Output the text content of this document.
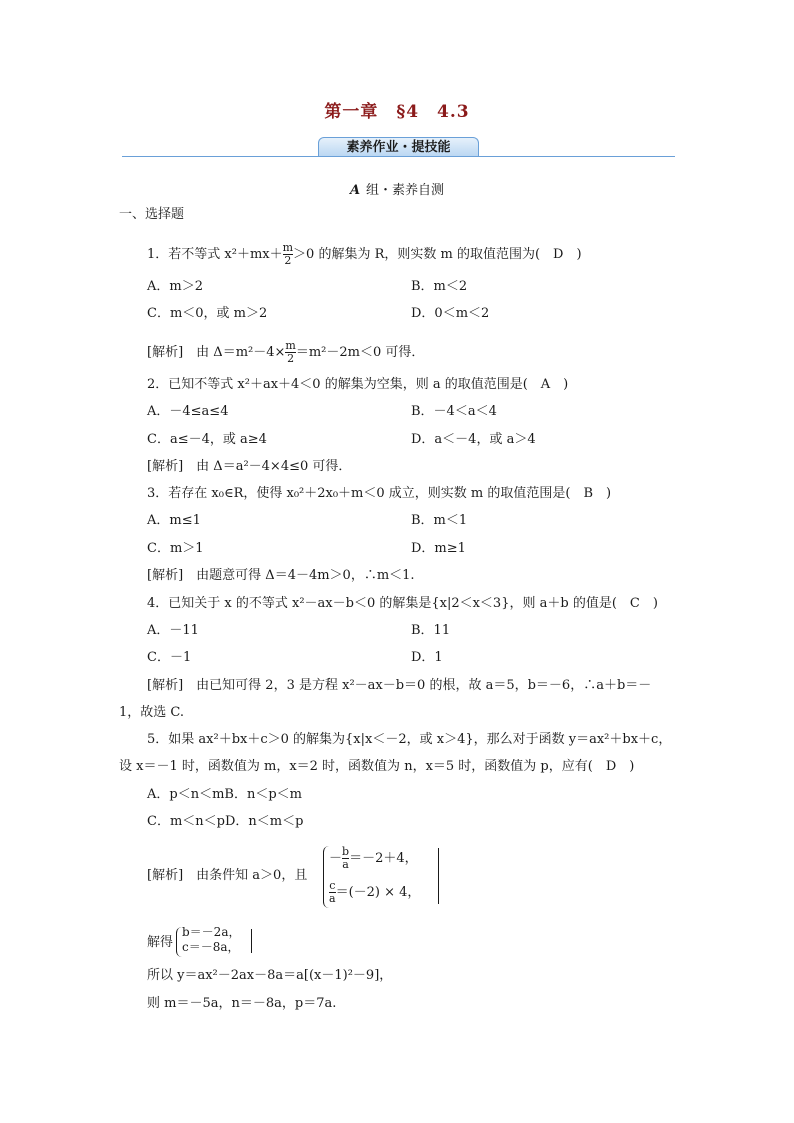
第一章　§4　4.3
素养作业・提技能
A 组・素养自测
一、选择题
1．若不等式 $x^2+mx+ \frac{m}{2} >0$ 的解集为 R，则实数 m 的取值范围为(　D　)
A．m＞2	B．m＜2
C．m＜0，或 m＞2	D．0＜m＜2
[解析]　 由 $\Delta=m^2-4\times \frac{m}{2} =m^2-2m<0$ 可得．
2．已知不等式 x²＋ax＋4＜0 的解集为空集，则 a 的取值范围是(　A　)
A．－4≤a≤4	B．－4＜a＜4
C．a≤－4，或 a≥4	D．a＜－4，或 a＞4
[解析]　 由 Δ＝a²－4×4≤0 可得．
3．若存在 x₀∈R，使得 x₀²＋2x₀＋m＜0 成立，则实数 m 的取值范围是(　B　)
A．m≤1	B．m＜1
C．m＞1	D．m≥1
[解析]　 由题意可得 Δ＝4－4m＞0，∴m＜1.
4．已知关于 x 的不等式 x²－ax－b＜0 的解集是{x|2＜x＜3}，则 a＋b 的值是(　C　)
A．－11	B．11
C．－1	D．1
[解析]　 由已知可得 2，3 是方程 x²－ax－b＝0 的根，故 a＝5，b＝－6，∴a＋b＝－
1，故选 C.
5．如果 ax²＋bx＋c＞0 的解集为{x|x＜－2，或 x＞4}，那么对于函数 y＝ax²＋bx＋c，
设 x＝－1 时，函数值为 m，x＝2 时，函数值为 n，x＝5 时，函数值为 p，应有(　D　)
A．p＜n＜mB．n＜p＜m
C．m＜n＜pD．n＜m＜p
[解析]　 由条件知 a＞0，且
－ $\frac{b}{a} =-2+4$，
$\frac{c}{a} =(-2) \times 4$，
解得
b＝－2a，
c＝－8a，
所以 y＝ax²－2ax－8a＝a[(x－1)²－9]，
则 m＝－5a，n＝－8a，p＝7a.
